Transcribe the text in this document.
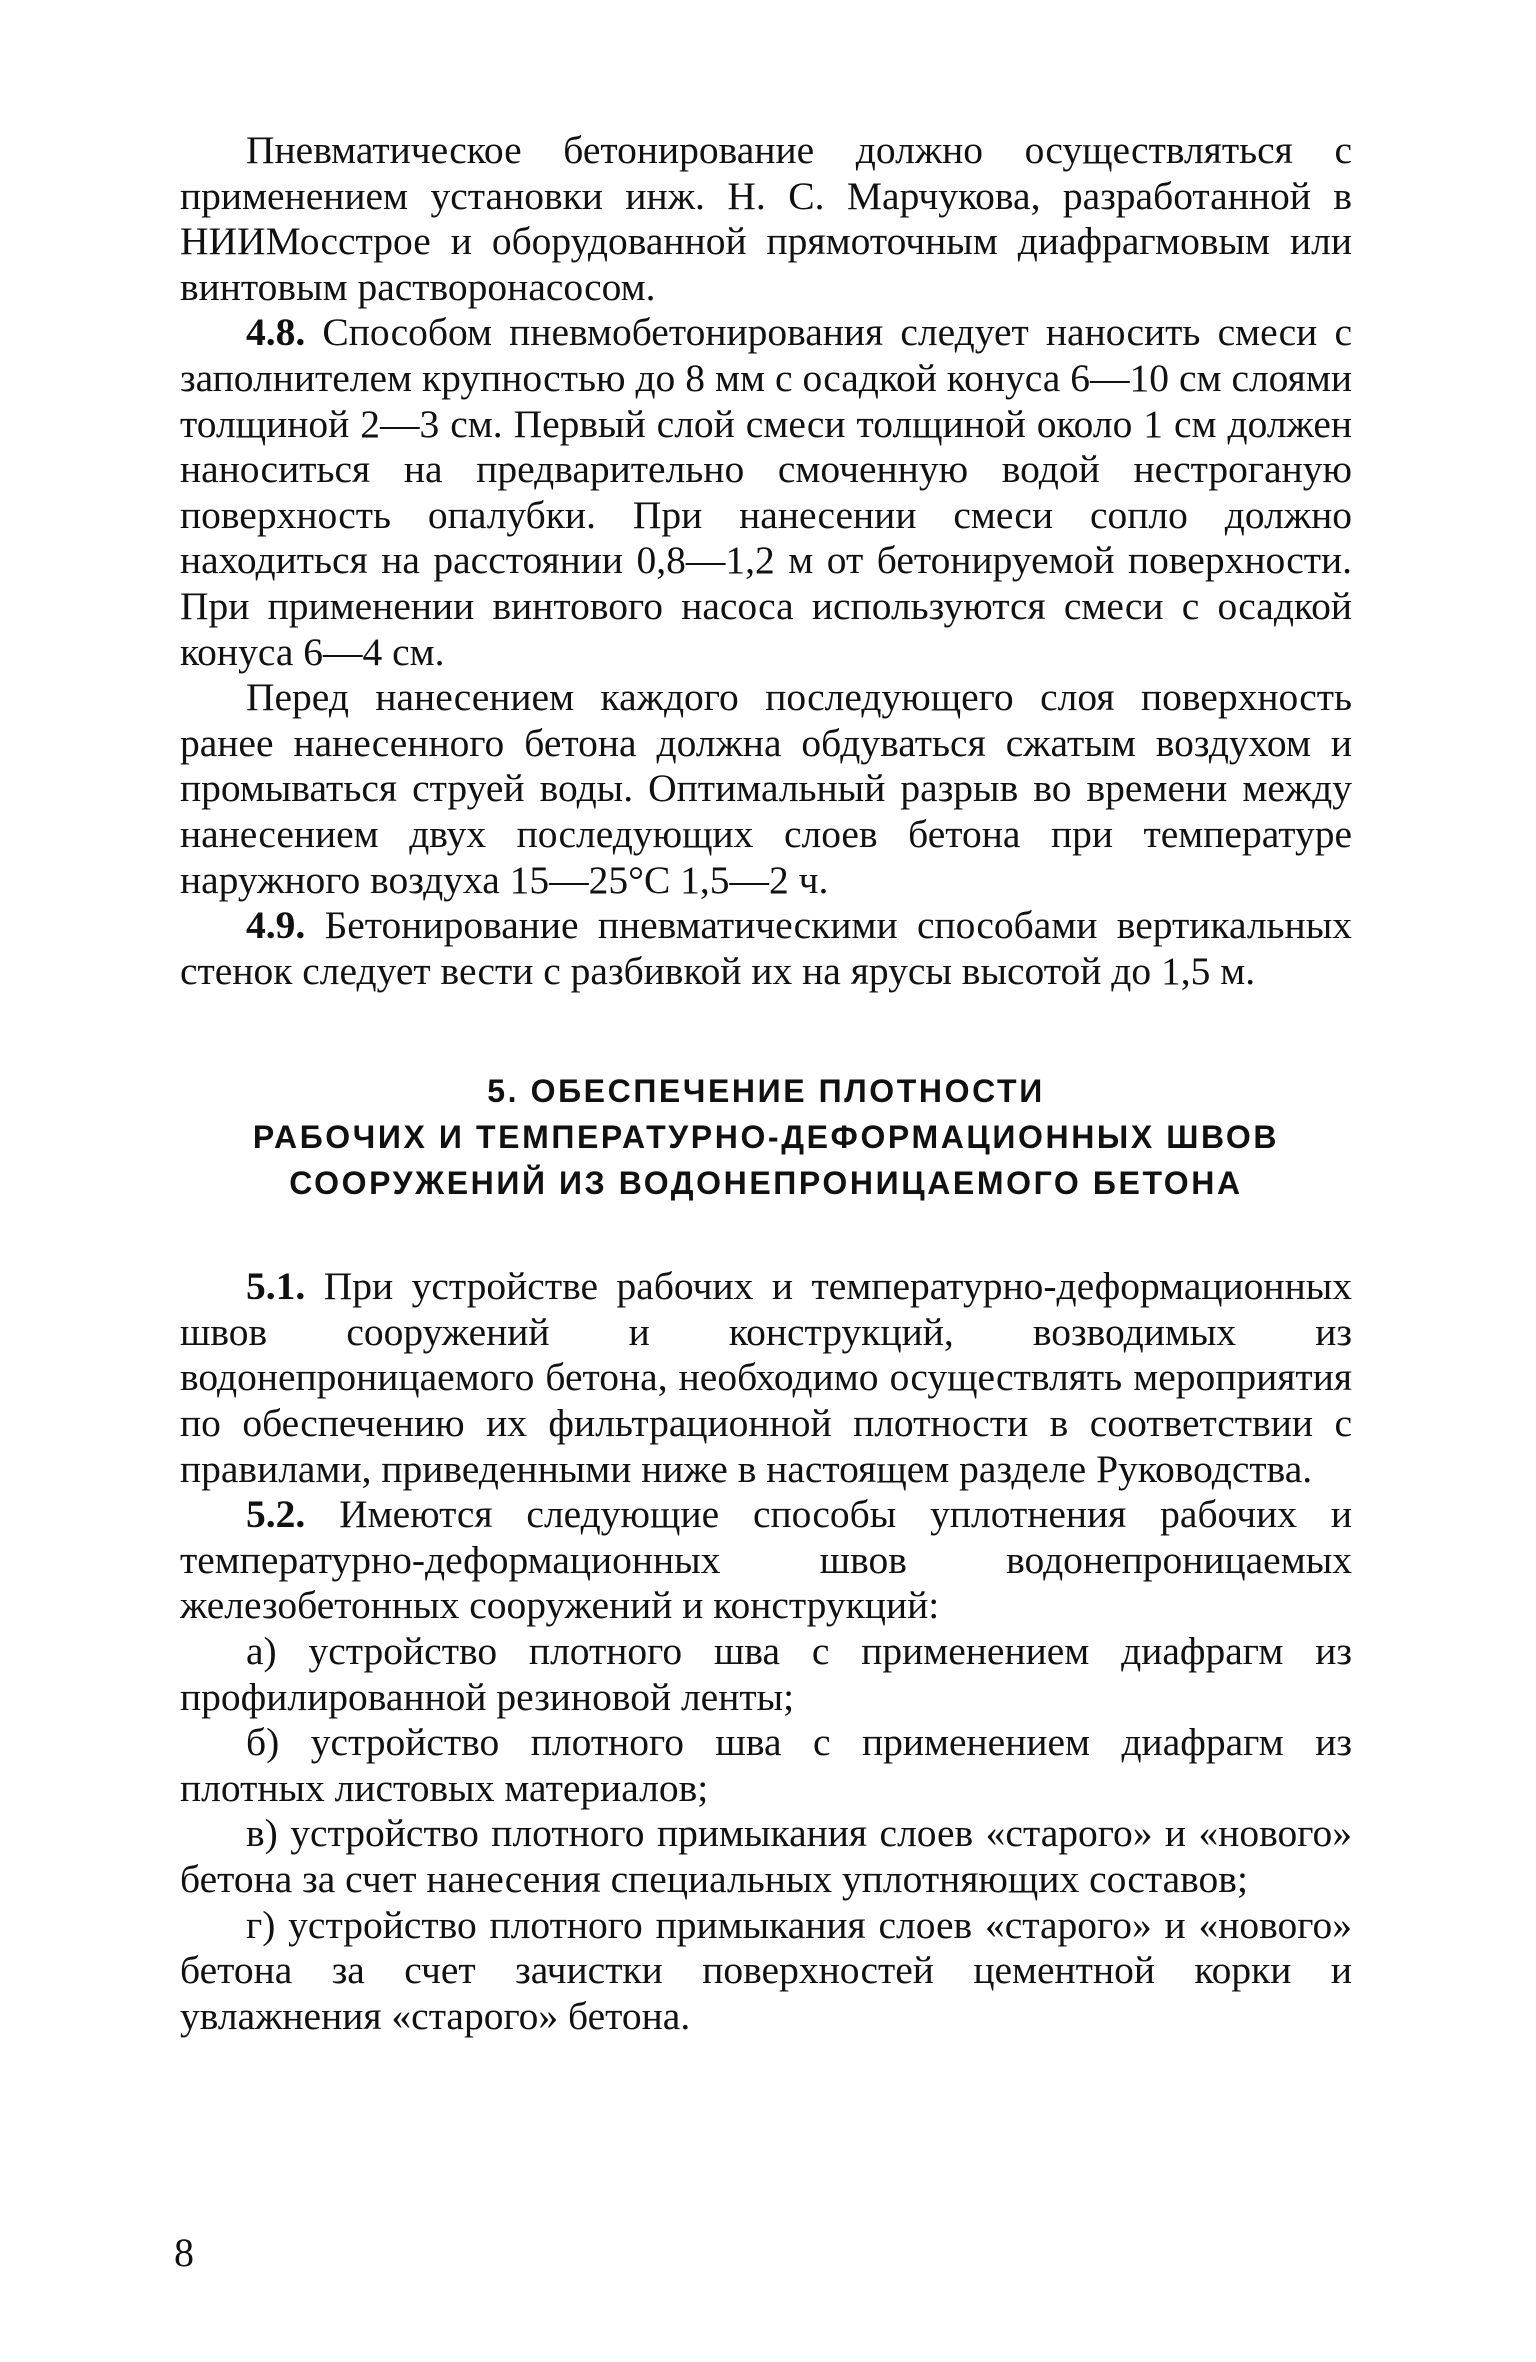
Пневматическое бетонирование должно осуществляться с применением установки инж. Н. С. Марчукова, разработанной в НИИМосстрое и оборудованной прямоточным диафрагмовым или винтовым растворонасосом.

4.8. Способом пневмобетонирования следует наносить смеси с заполнителем крупностью до 8 мм с осадкой конуса 6—10 см слоями толщиной 2—3 см. Первый слой смеси толщиной около 1 см должен наноситься на предварительно смоченную водой нестроганую поверхность опалубки. При нанесении смеси сопло должно находиться на расстоянии 0,8—1,2 м от бетонируемой поверхности. При применении винтового насоса используются смеси с осадкой конуса 6—4 см.

Перед нанесением каждого последующего слоя поверхность ранее нанесенного бетона должна обдуваться сжатым воздухом и промываться струей воды. Оптимальный разрыв во времени между нанесением двух последующих слоев бетона при температуре наружного воздуха 15—25°С 1,5—2 ч.

4.9. Бетонирование пневматическими способами вертикальных стенок следует вести с разбивкой их на ярусы высотой до 1,5 м.

5. ОБЕСПЕЧЕНИЕ ПЛОТНОСТИ
РАБОЧИХ И ТЕМПЕРАТУРНО-ДЕФОРМАЦИОННЫХ ШВОВ
СООРУЖЕНИЙ ИЗ ВОДОНЕПРОНИЦАЕМОГО БЕТОНА

5.1. При устройстве рабочих и температурно-деформационных швов сооружений и конструкций, возводимых из водонепроницаемого бетона, необходимо осуществлять мероприятия по обеспечению их фильтрационной плотности в соответствии с правилами, приведенными ниже в настоящем разделе Руководства.

5.2. Имеются следующие способы уплотнения рабочих и температурно-деформационных швов водонепроницаемых железобетонных сооружений и конструкций:

а) устройство плотного шва с применением диафрагм из профилированной резиновой ленты;

б) устройство плотного шва с применением диафрагм из плотных листовых материалов;

в) устройство плотного примыкания слоев «старого» и «нового» бетона за счет нанесения специальных уплотняющих составов;

г) устройство плотного примыкания слоев «старого» и «нового» бетона за счет зачистки поверхностей цементной корки и увлажнения «старого» бетона.

8
